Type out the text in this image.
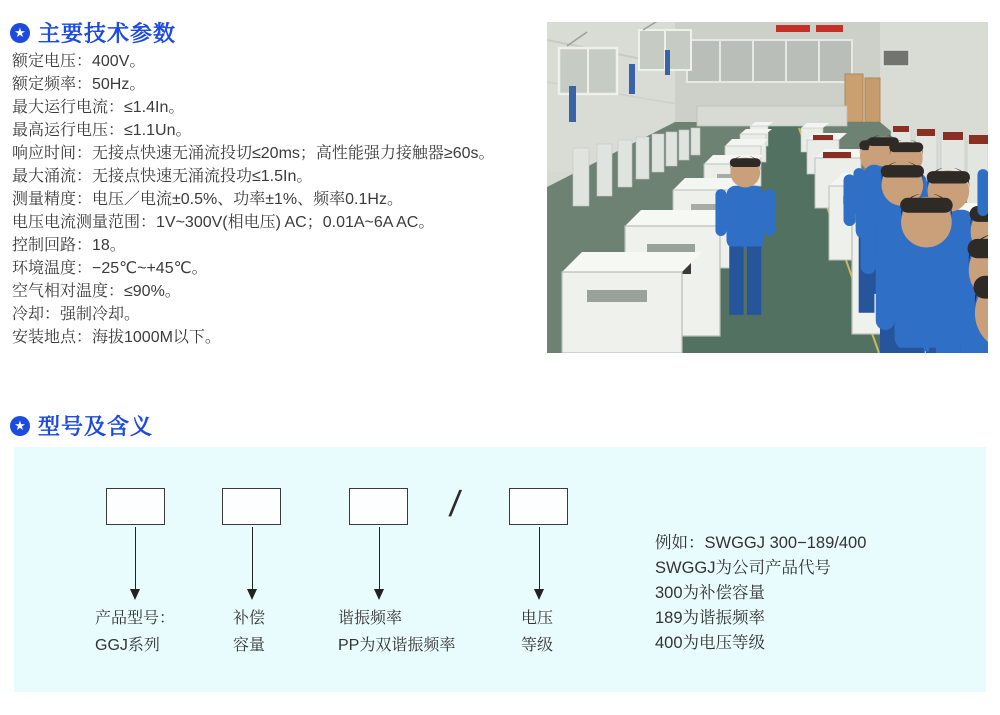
★ 主要技术参数
额定电压：400V。
额定频率：50Hz。
最大运行电流：≤1.4In。
最高运行电压：≤1.1Un。
响应时间：无接点快速无涌流投切≤20ms；高性能强力接触器≥60s。
最大涌流：无接点快速无涌流投功≤1.5In。
测量精度：电压／电流±0.5%、功率±1%、频率0.1Hz。
电压电流测量范围：1V~300V(相电压) AC；0.01A~6A AC。
控制回路：18。
环境温度：−25℃~+45℃。
空气相对温度：≤90%。
冷却：强制冷却。
安装地点：海拔1000M以下。
★ 型号及含义
/
产品型号：
GGJ系列
补偿
容量
谐振频率
PP为双谐振频率
电压
等级
例如：SWGGJ 300−189/400
SWGGJ为公司产品代号
300为补偿容量
189为谐振频率
400为电压等级
